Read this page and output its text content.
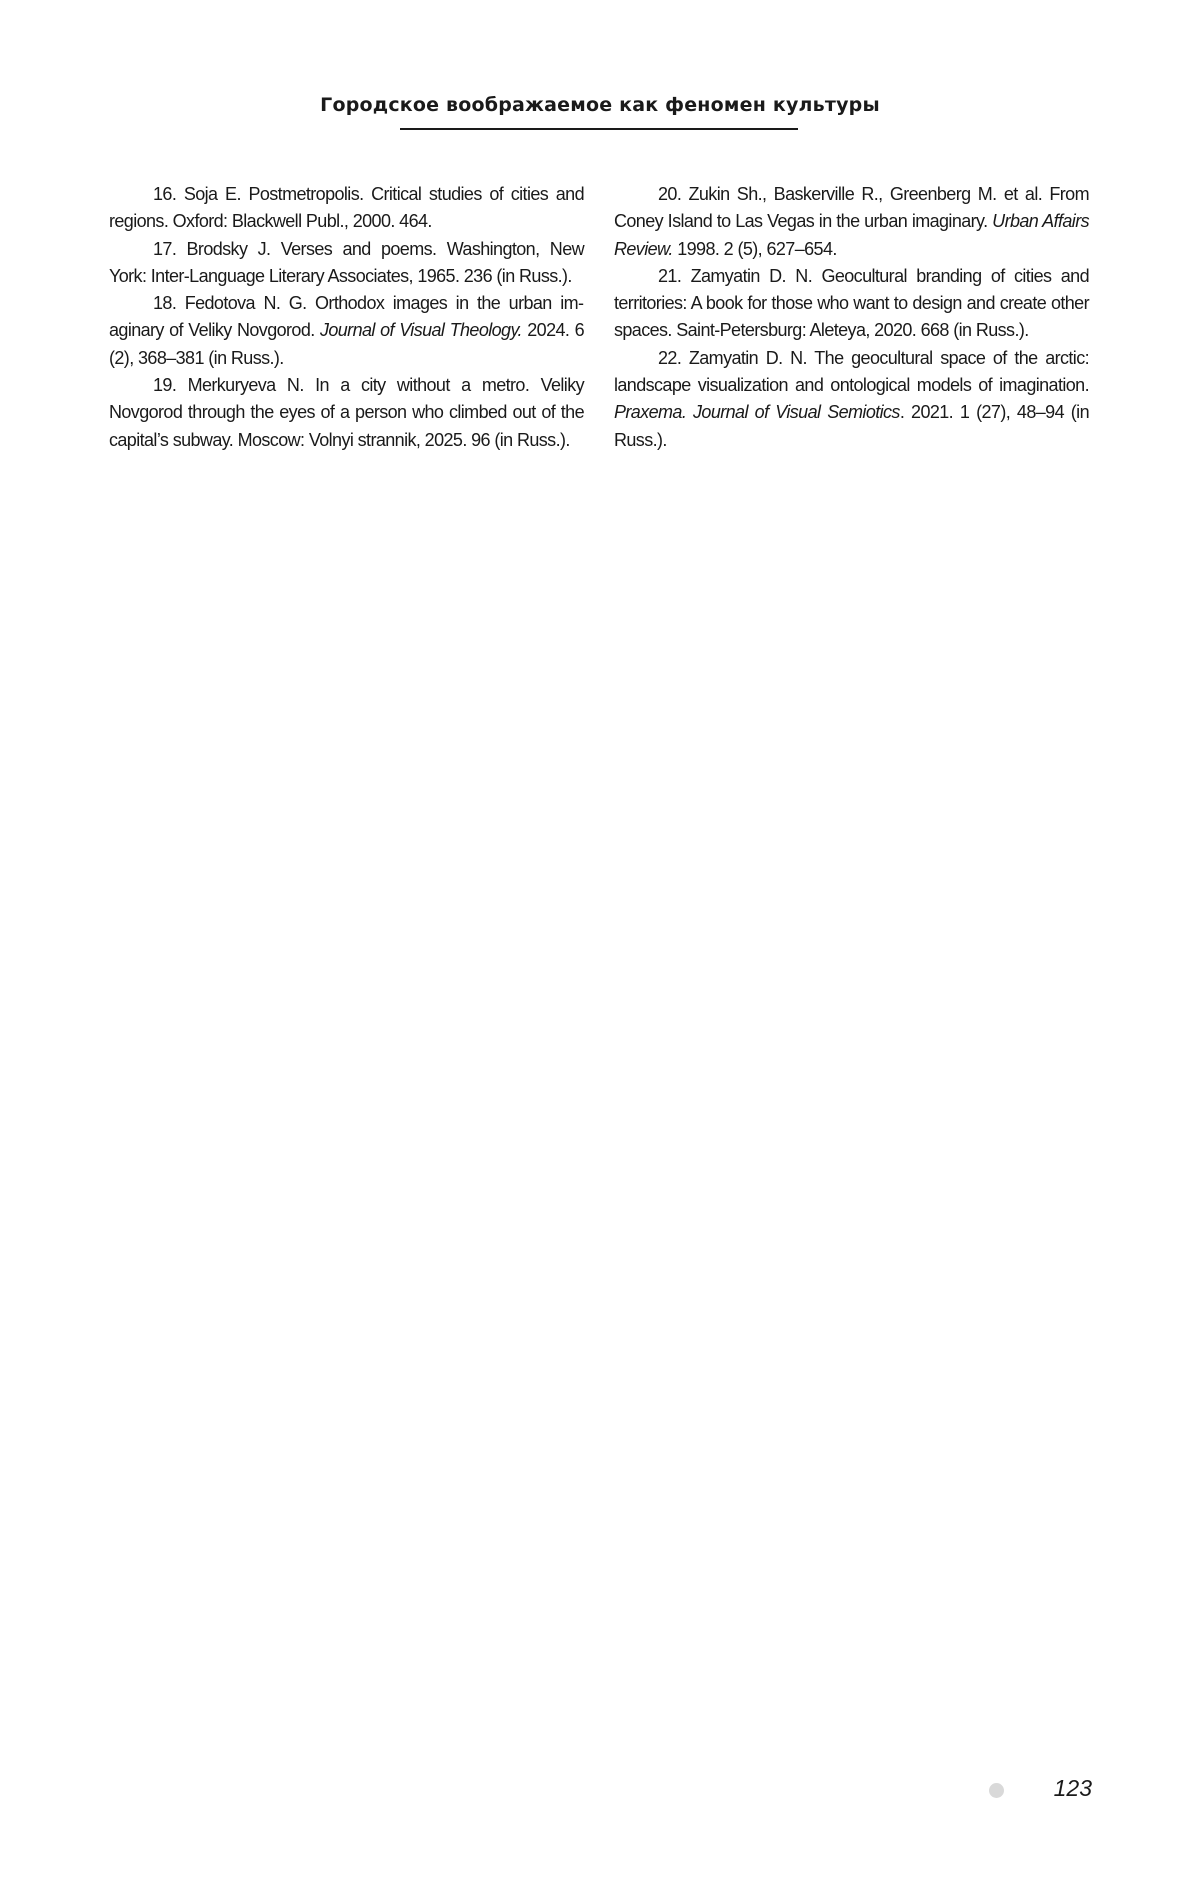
Городское воображаемое как феномен культуры

16. Soja E. Postmetropolis. Critical studies of cities and regions. Oxford: Blackwell Publ., 2000. 464.

17. Brodsky J. Verses and poems. Washington, New York: Inter-Language Literary Associates, 1965. 236 (in Russ.).

18. Fedotova N. G. Orthodox images in the urban imaginary of Veliky Novgorod. Journal of Visual Theology. 2024. 6 (2), 368–381 (in Russ.).

19. Merkuryeva N. In a city without a metro. Veliky Novgorod through the eyes of a person who climbed out of the capital’s subway. Moscow: Volnyi strannik, 2025. 96 (in Russ.).

20. Zukin Sh., Baskerville R., Greenberg M. et al. From Coney Island to Las Vegas in the urban imaginary. Urban Affairs Review. 1998. 2 (5), 627–654.

21. Zamyatin D. N. Geocultural branding of cities and territories: A book for those who want to design and create other spaces. Saint-Petersburg: Aleteya, 2020. 668 (in Russ.).

22. Zamyatin D. N. The geocultural space of the arctic: landscape visualization and ontological models of imagination. Praxema. Journal of Visual Semiotics. 2021. 1 (27), 48–94 (in Russ.).

123
